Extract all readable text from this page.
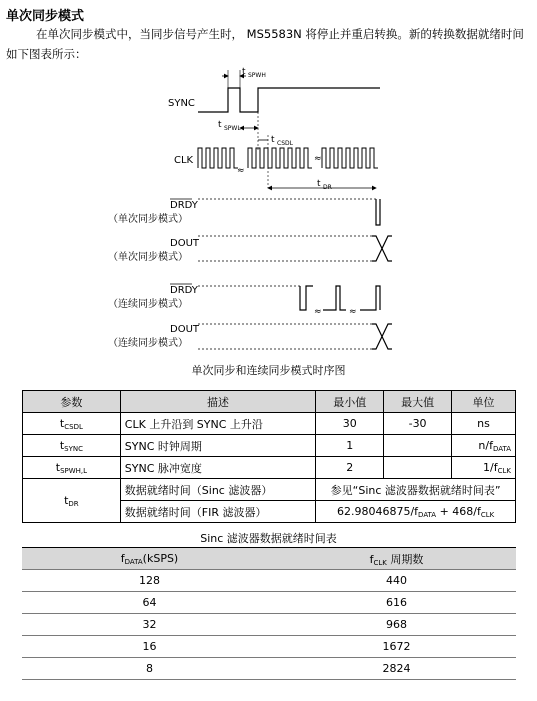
单次同步模式
在单次同步模式中，当同步信号产生时， MS5583N 将停止并重启转换。新的转换数据就绪时间如下图表所示：
SYNC
CLK
DRDY
（单次同步模式）
DOUT
（单次同步模式）
DRDY
（连续同步模式）
DOUT
（连续同步模式）
t SPWH
t SPWL
≈
≈
t CSDL
t DR
≈	≈
单次同步和连续同步模式时序图
参数	描述	最小值	最大值	单位
$t_{CSDL}$	CLK 上升沿到 SYNC 上升沿	30	-30	ns
$t_{SYNC}$	SYNC 时钟周期	1		$n/f_{DATA}$
$t_{SPWH,L}$	SYNC 脉冲宽度	2		$1/f_{CLK}$
$t_{DR}$	数据就绪时间（Sinc 滤波器）	参见“Sinc 滤波器数据就绪时间表”		
	数据就绪时间（FIR 滤波器）	$62.98046875/f_{DATA} + 468/f_{CLK}$
Sinc 滤波器数据就绪时间表
$f_{DATA}(kSPS)$	$f_{CLK}$ 周期数
128	440
64	616
32	968
16	1672
8	2824
